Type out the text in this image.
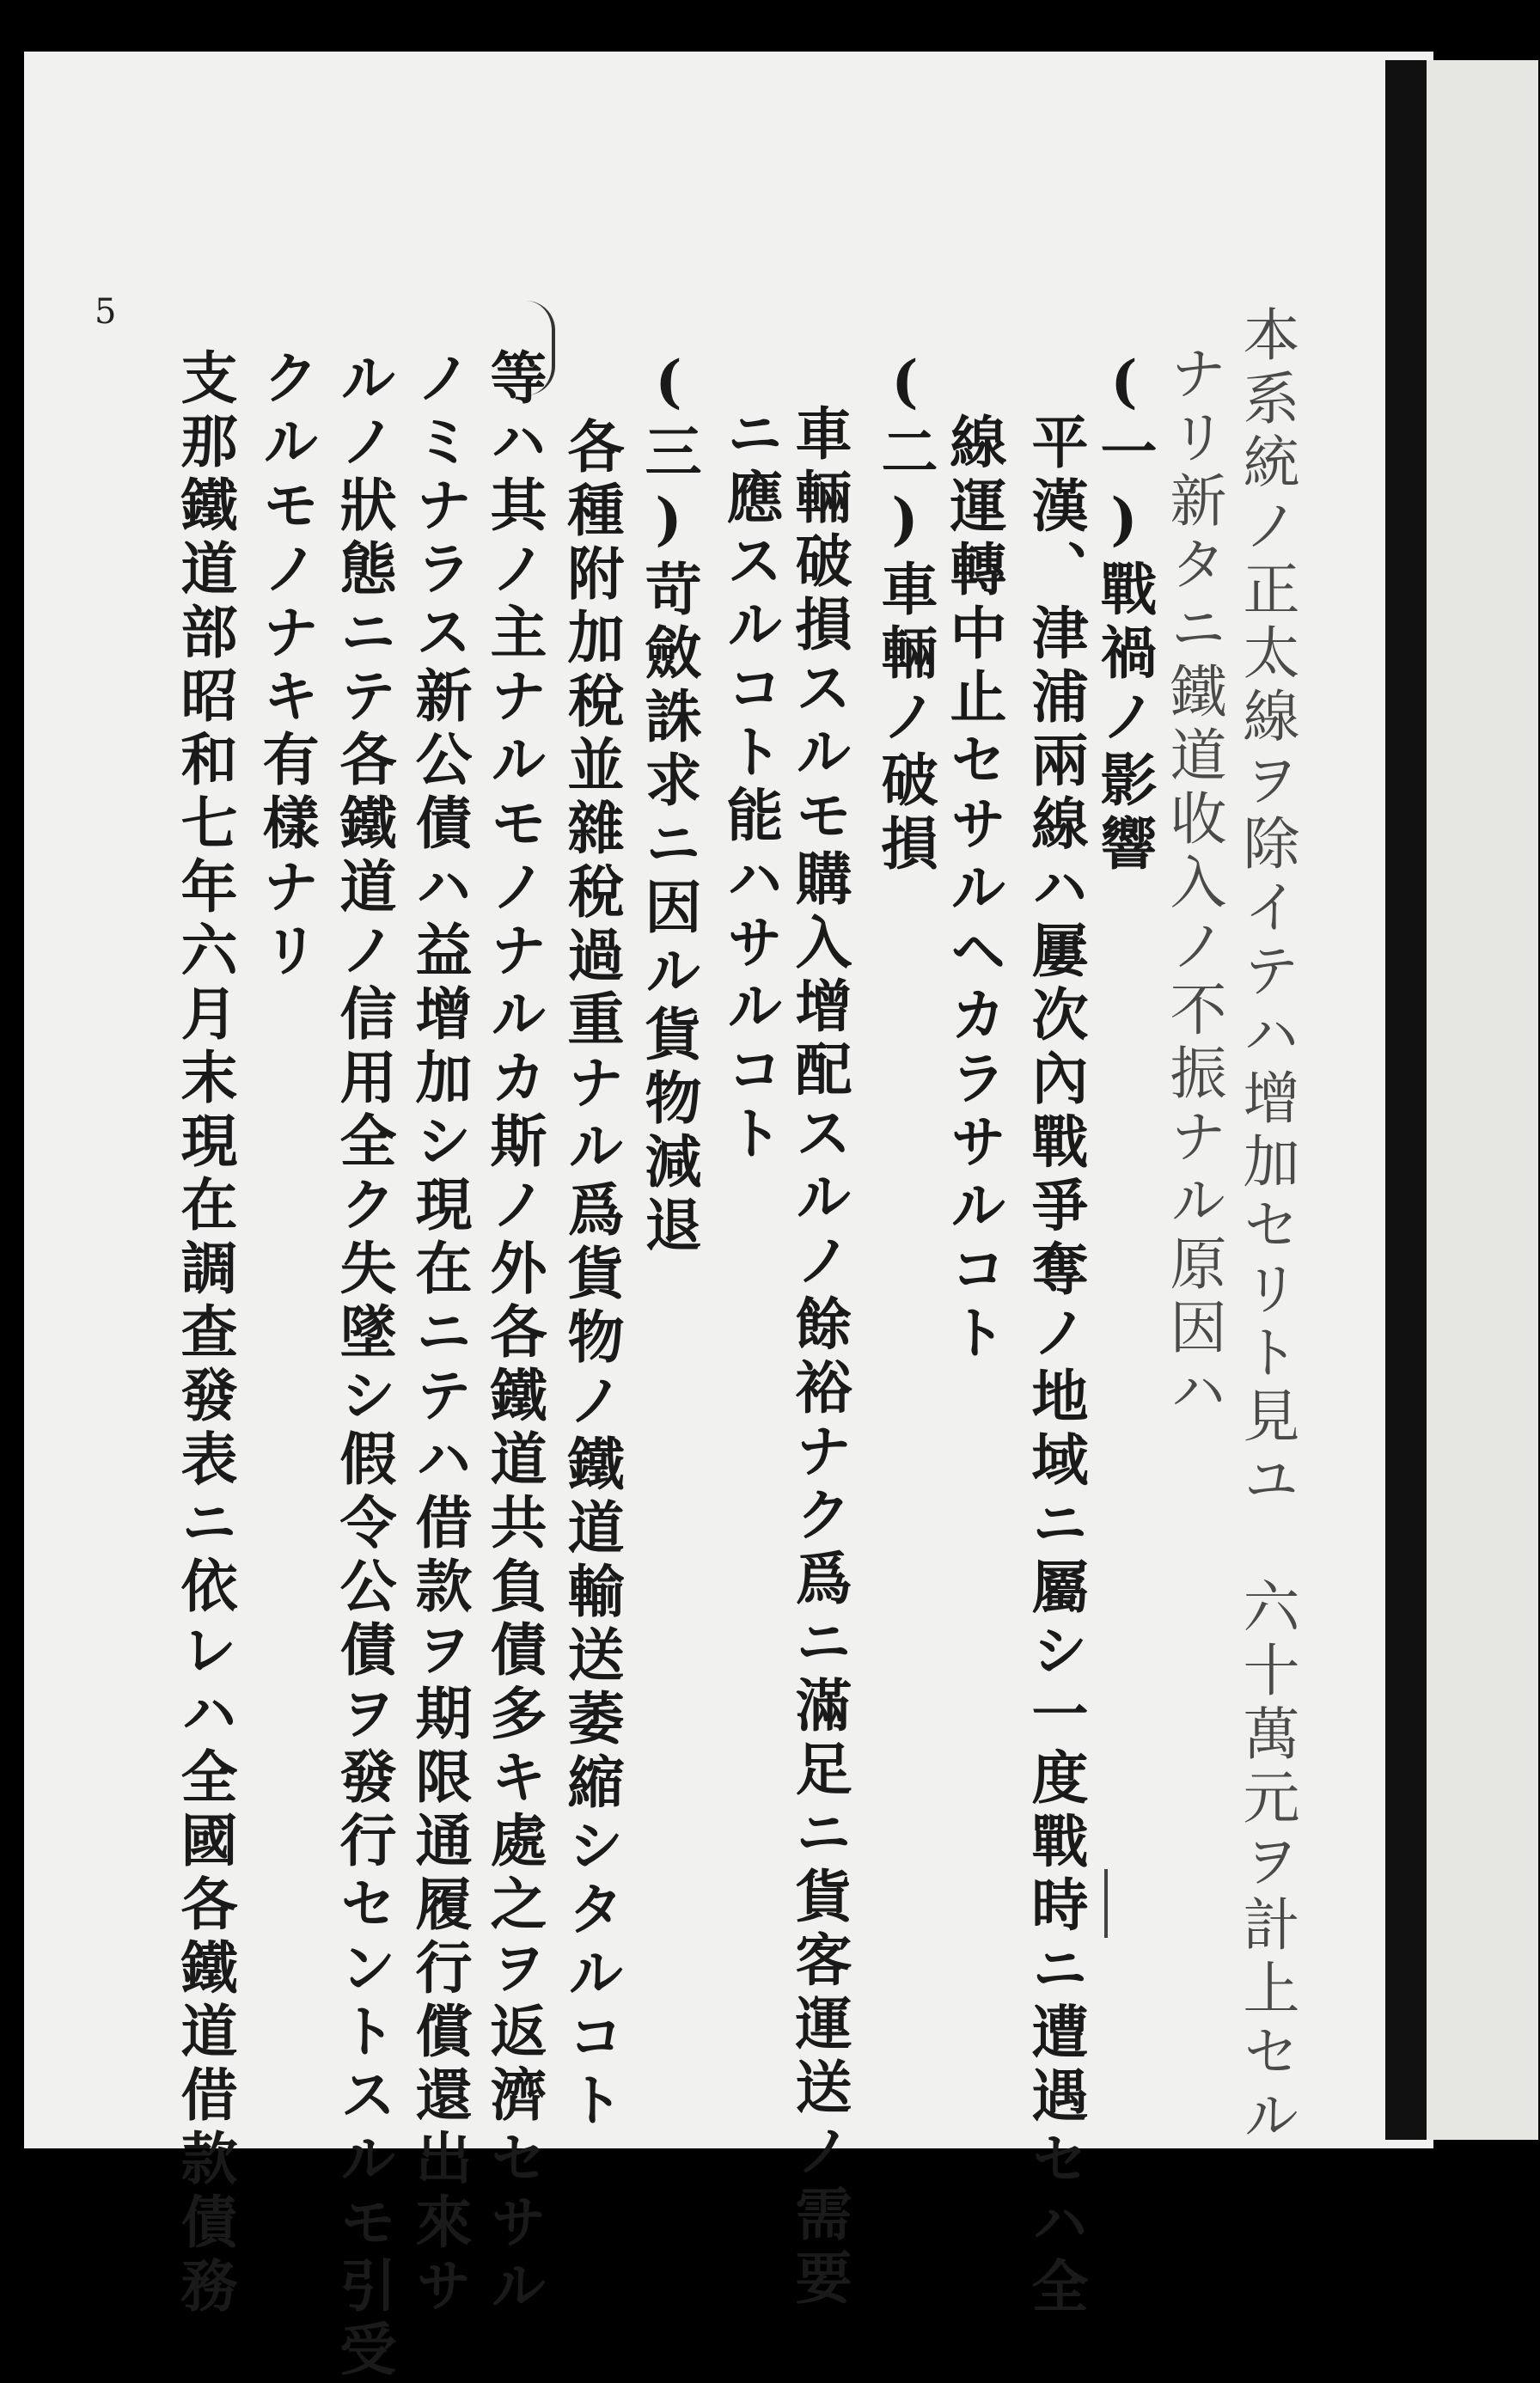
5	本系統ノ正太線ヲ除イテハ增加セリト見ユ　六十萬元ヲ計上セル
ナリ新タニ鐵道收入ノ不振ナル原因ハ
(一)戰禍ノ影響
平漢、津浦兩線ハ屢次內戰爭奪ノ地域ニ屬シ一度戰時ニ遭遇セハ全
線運轉中止セサルヘカラサルコト
(二)車輛ノ破損
車輛破損スルモ購入增配スルノ餘裕ナク爲ニ滿足ニ貨客運送ノ需要
ニ應スルコト能ハサルコト
(三)苛斂誅求ニ因ル貨物減退
各種附加稅並雜稅過重ナル爲貨物ノ鐵道輸送萎縮シタルコト
等ハ其ノ主ナルモノナルカ斯ノ外各鐵道共負債多キ處之ヲ返濟セサル
ノミナラス新公債ハ益增加シ現在ニテハ借款ヲ期限通履行償還出來サ
ルノ狀態ニテ各鐵道ノ信用全ク失墜シ假令公債ヲ發行セントスルモ引受
クルモノナキ有樣ナリ
支那鐵道部昭和七年六月末現在調查發表ニ依レハ全國各鐵道借款債務
